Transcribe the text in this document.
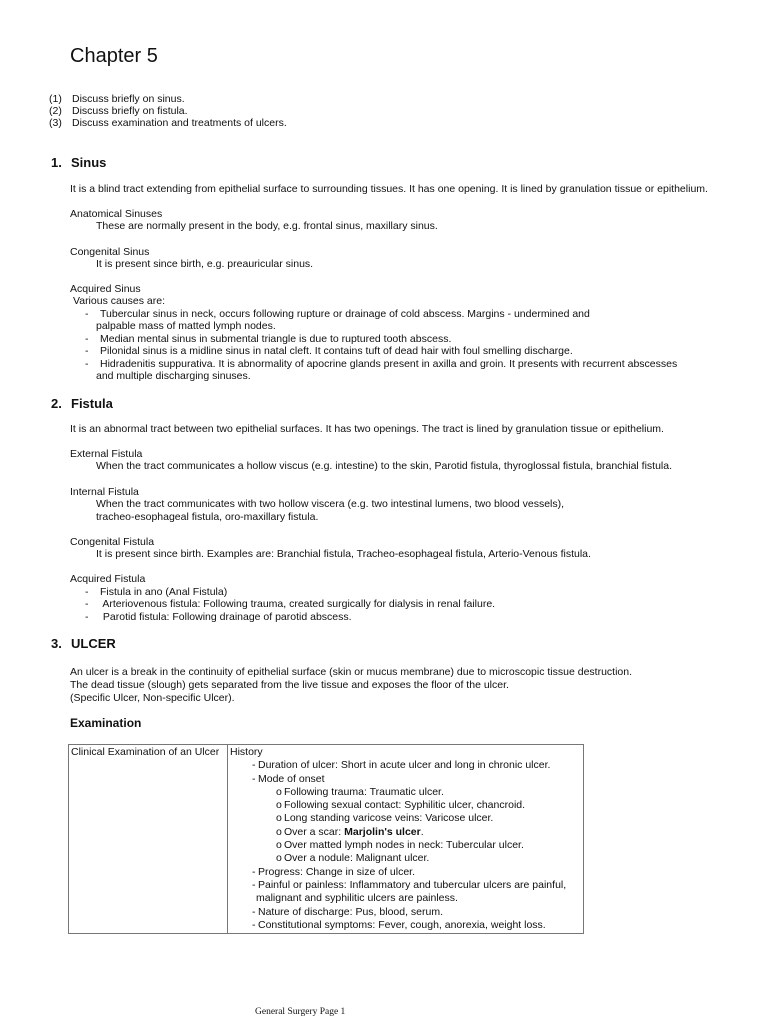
Chapter 5
(1) Discuss briefly on sinus.
(2) Discuss briefly on fistula.
(3) Discuss examination and treatments of ulcers.
1. Sinus
It is a blind tract extending from epithelial surface to surrounding tissues. It has one opening. It is lined by granulation tissue or epithelium.
Anatomical Sinuses
These are normally present in the body, e.g. frontal sinus, maxillary sinus.
Congenital Sinus
It is present since birth, e.g. preauricular sinus.
Acquired Sinus
Various causes are:
- Tubercular sinus in neck, occurs following rupture or drainage of cold abscess. Margins - undermined and
palpable mass of matted lymph nodes.
- Median mental sinus in submental triangle is due to ruptured tooth abscess.
- Pilonidal sinus is a midline sinus in natal cleft. It contains tuft of dead hair with foul smelling discharge.
- Hidradenitis suppurativa. It is abnormality of apocrine glands present in axilla and groin. It presents with recurrent abscesses
and multiple discharging sinuses.
2. Fistula
It is an abnormal tract between two epithelial surfaces. It has two openings. The tract is lined by granulation tissue or epithelium.
External Fistula
When the tract communicates a hollow viscus (e.g. intestine) to the skin, Parotid fistula, thyroglossal fistula, branchial fistula.
Internal Fistula
When the tract communicates with two hollow viscera (e.g. two intestinal lumens, two blood vessels),
tracheo-esophageal fistula, oro-maxillary fistula.
Congenital Fistula
It is present since birth. Examples are: Branchial fistula, Tracheo-esophageal fistula, Arterio-Venous fistula.
Acquired Fistula
- Fistula in ano (Anal Fistula)
- Arteriovenous fistula: Following trauma, created surgically for dialysis in renal failure.
- Parotid fistula: Following drainage of parotid abscess.
3. ULCER
An ulcer is a break in the continuity of epithelial surface (skin or mucus membrane) due to microscopic tissue destruction.
The dead tissue (slough) gets separated from the live tissue and exposes the floor of the ulcer.
(Specific Ulcer, Non-specific Ulcer).
Examination
Clinical Examination of an Ulcer	History
- Duration of ulcer: Short in acute ulcer and long in chronic ulcer.
- Mode of onset
o Following trauma: Traumatic ulcer.
o Following sexual contact: Syphilitic ulcer, chancroid.
o Long standing varicose veins: Varicose ulcer.
o Over a scar: Marjolin's ulcer.
o Over matted lymph nodes in neck: Tubercular ulcer.
o Over a nodule: Malignant ulcer.
- Progress: Change in size of ulcer.
- Painful or painless: Inflammatory and tubercular ulcers are painful,
malignant and syphilitic ulcers are painless.
- Nature of discharge: Pus, blood, serum.
- Constitutional symptoms: Fever, cough, anorexia, weight loss.
General Surgery Page 1
